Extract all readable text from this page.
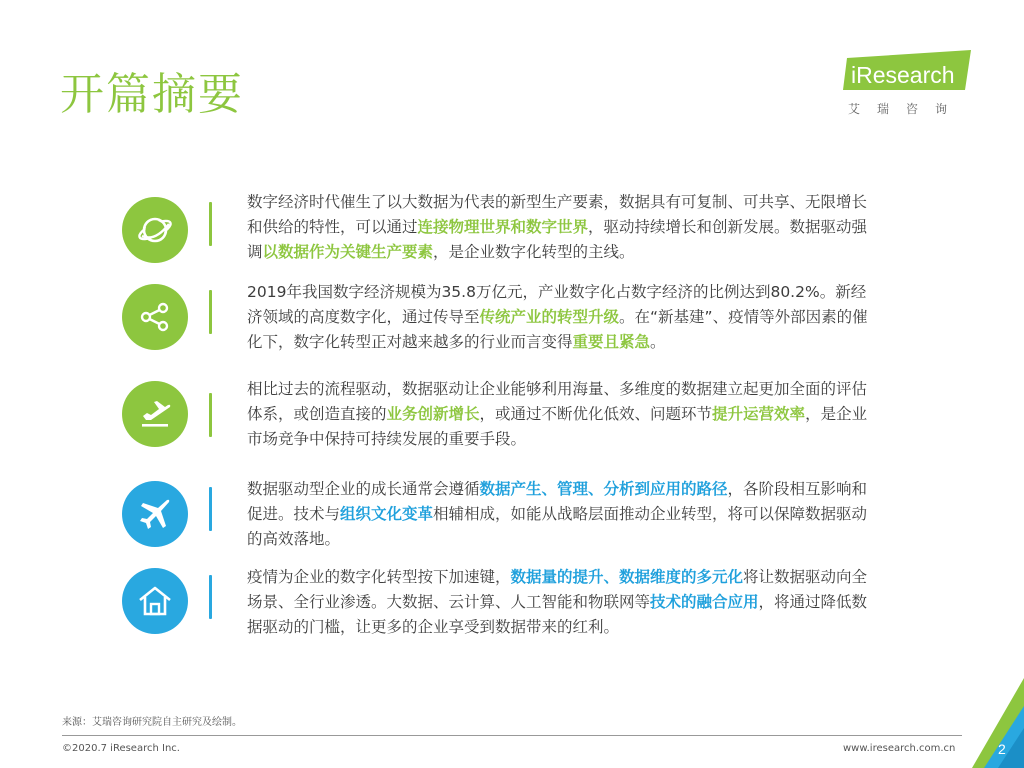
开篇摘要	iResearch
艾瑞咨询
数字经济时代催生了以大数据为代表的新型生产要素，数据具有可复制、可共享、无限增长和供给的特性，可以通过连接物理世界和数字世界，驱动持续增长和创新发展。数据驱动强调以数据作为关键生产要素，是企业数字化转型的主线。
2019年我国数字经济规模为35.8万亿元，产业数字化占数字经济的比例达到80.2%。新经济领域的高度数字化，通过传导至传统产业的转型升级。在“新基建”、疫情等外部因素的催化下，数字化转型正对越来越多的行业而言变得重要且紧急。
相比过去的流程驱动，数据驱动让企业能够利用海量、多维度的数据建立起更加全面的评估体系，或创造直接的业务创新增长，或通过不断优化低效、问题环节提升运营效率，是企业市场竞争中保持可持续发展的重要手段。
数据驱动型企业的成长通常会遵循数据产生、管理、分析到应用的路径，各阶段相互影响和促进。技术与组织文化变革相辅相成，如能从战略层面推动企业转型，将可以保障数据驱动的高效落地。
疫情为企业的数字化转型按下加速键，数据量的提升、数据维度的多元化将让数据驱动向全场景、全行业渗透。大数据、云计算、人工智能和物联网等技术的融合应用，将通过降低数据驱动的门槛，让更多的企业享受到数据带来的红利。
来源：艾瑞咨询研究院自主研究及绘制。
©2020.7 iResearch Inc.	www.iresearch.com.cn	2
